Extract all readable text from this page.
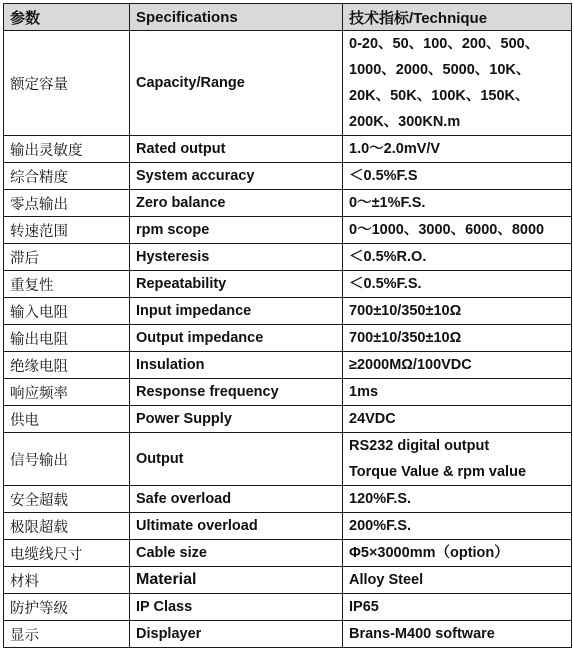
参数	Specifications	技术指标/Technique
额定容量	Capacity/Range	0-20、50、100、200、500、
1000、2000、5000、10K、
20K、50K、100K、150K、
200K、300KN.m

输出灵敏度	Rated output	1.0～2.0mV/V

综合精度	System accuracy	＜0.5%F.S

零点输出	Zero balance	0～±1%F.S.

转速范围	rpm scope	0～1000、3000、6000、8000

滞后	Hysteresis	＜0.5%R.O.

重复性	Repeatability	＜0.5%F.S.

输入电阻	Input impedance	700±10/350±10Ω

输出电阻	Output impedance	700±10/350±10Ω

绝缘电阻	Insulation	≥2000MΩ/100VDC

响应频率	Response frequency	1ms

供电	Power Supply	24VDC

信号输出	Output	RS232 digital output
Torque Value & rpm value

安全超载	Safe overload	120%F.S.

极限超载	Ultimate overload	200%F.S.

电缆线尺寸	Cable size	Φ5×3000mm（option）

材料	Material	Alloy Steel

防护等级	IP Class	IP65

显示	Displayer	Brans-M400 software
